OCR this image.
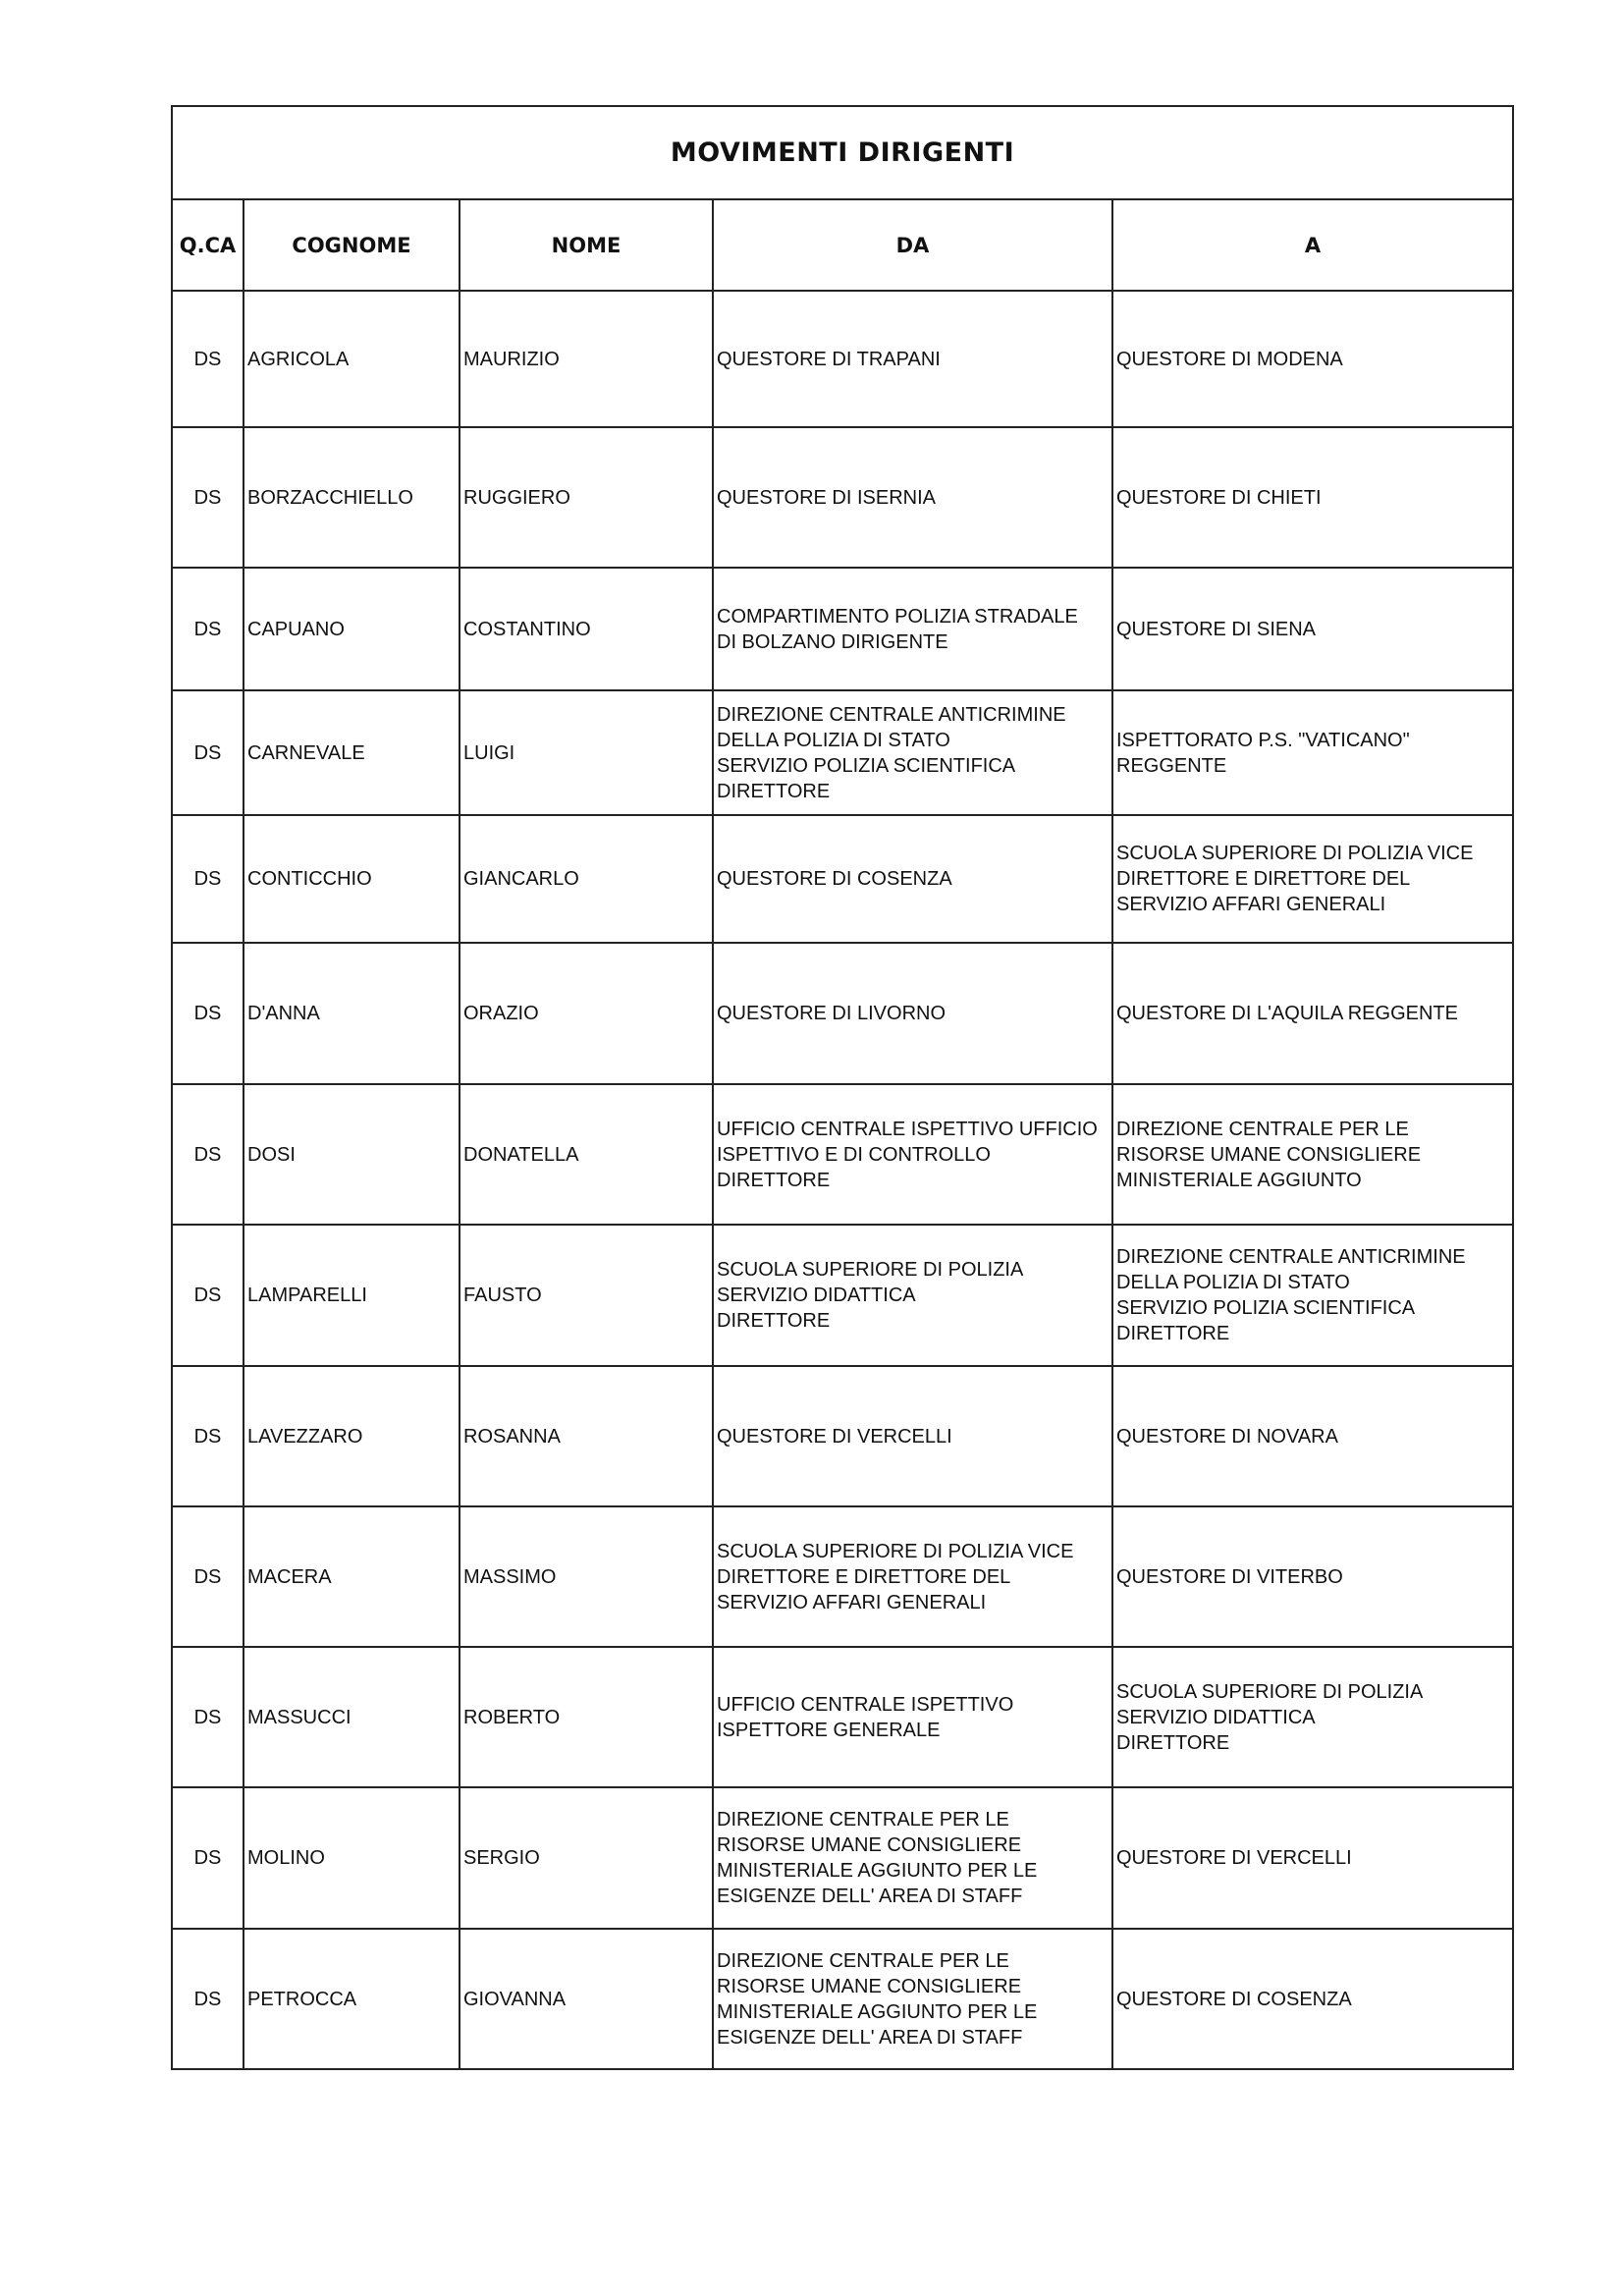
MOVIMENTI DIRIGENTI				
Q.CA	COGNOME	NOME	DA	A
DS	AGRICOLA	MAURIZIO	QUESTORE DI TRAPANI	QUESTORE DI MODENA

DS	BORZACCHIELLO	RUGGIERO	QUESTORE DI ISERNIA	QUESTORE DI CHIETI

DS	CAPUANO	COSTANTINO	COMPARTIMENTO POLIZIA STRADALE
DI BOLZANO DIRIGENTE	QUESTORE DI SIENA

DS	CARNEVALE	LUIGI	DIREZIONE CENTRALE ANTICRIMINE
DELLA POLIZIA DI STATO
SERVIZIO POLIZIA SCIENTIFICA
DIRETTORE	ISPETTORATO P.S. "VATICANO"
REGGENTE

DS	CONTICCHIO	GIANCARLO	QUESTORE DI COSENZA	SCUOLA SUPERIORE DI POLIZIA VICE
DIRETTORE E DIRETTORE DEL
SERVIZIO AFFARI GENERALI

DS	D'ANNA	ORAZIO	QUESTORE DI LIVORNO	QUESTORE DI L'AQUILA REGGENTE

DS	DOSI	DONATELLA	UFFICIO CENTRALE ISPETTIVO UFFICIO
ISPETTIVO E DI CONTROLLO
DIRETTORE	DIREZIONE CENTRALE PER LE
RISORSE UMANE CONSIGLIERE
MINISTERIALE AGGIUNTO

DS	LAMPARELLI	FAUSTO	SCUOLA SUPERIORE DI POLIZIA
SERVIZIO DIDATTICA
DIRETTORE	DIREZIONE CENTRALE ANTICRIMINE
DELLA POLIZIA DI STATO
SERVIZIO POLIZIA SCIENTIFICA
DIRETTORE

DS	LAVEZZARO	ROSANNA	QUESTORE DI VERCELLI	QUESTORE DI NOVARA

DS	MACERA	MASSIMO	SCUOLA SUPERIORE DI POLIZIA VICE
DIRETTORE E DIRETTORE DEL
SERVIZIO AFFARI GENERALI	QUESTORE DI VITERBO

DS	MASSUCCI	ROBERTO	UFFICIO CENTRALE ISPETTIVO
ISPETTORE GENERALE	SCUOLA SUPERIORE DI POLIZIA
SERVIZIO DIDATTICA
DIRETTORE

DS	MOLINO	SERGIO	DIREZIONE CENTRALE PER LE
RISORSE UMANE CONSIGLIERE
MINISTERIALE AGGIUNTO PER LE
ESIGENZE DELL' AREA DI STAFF	QUESTORE DI VERCELLI

DS	PETROCCA	GIOVANNA	DIREZIONE CENTRALE PER LE
RISORSE UMANE CONSIGLIERE
MINISTERIALE AGGIUNTO PER LE
ESIGENZE DELL' AREA DI STAFF	QUESTORE DI COSENZA
